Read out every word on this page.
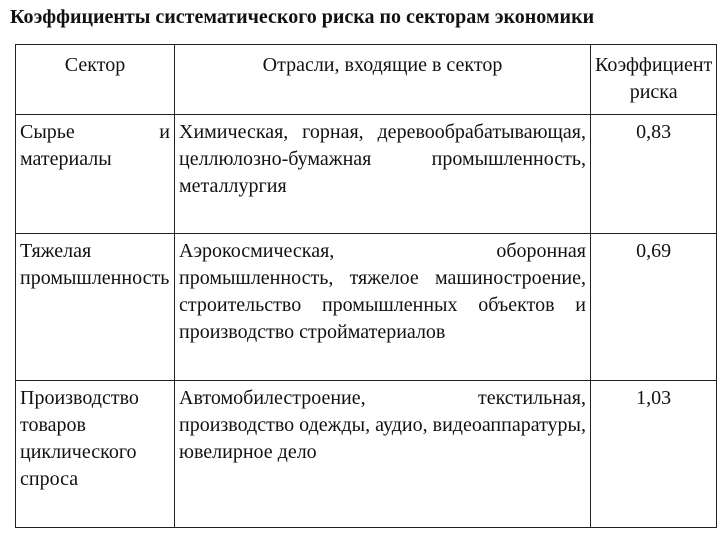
Коэффициенты систематического риска по секторам экономики
Сектор	Отрасли, входящие в сектор	Коэффициент риска
Сырье и материалы	Химическая, горная, деревообрабатывающая, целлюлозно-бумажная промышленность, металлургия	0,83
Тяжелая промышленность	Аэрокосмическая, оборонная промышленность, тяжелое машиностроение, строительство промышленных объектов и производство стройматериалов	0,69
Производство товаров циклического спроса	Автомобилестроение, текстильная, производство одежды, аудио, видеоаппаратуры, ювелирное дело	1,03
